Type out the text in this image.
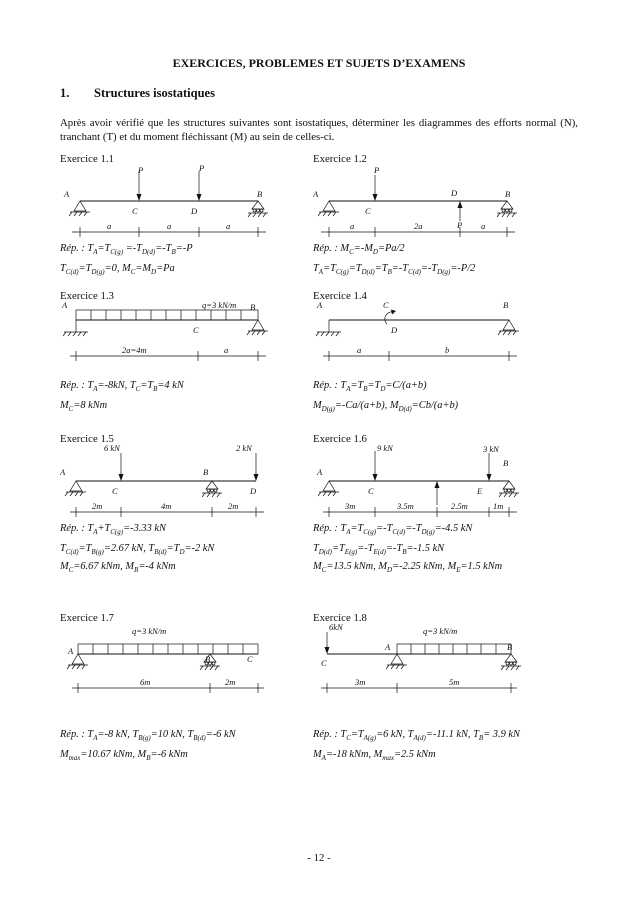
EXERCICES, PROBLEMES ET SUJETS D’EXAMENS
1. Structures isostatiques
Après avoir vérifié que les structures suivantes sont isostatiques, déterminer les diagrammes des efforts normal (N), tranchant (T) et du moment fléchissant (M) au sein de celles-ci.
Exercice 1.1
P	P
A	B
C	D
a	a	a
Rép. : $T_A=T_{C(g)} =-T_{D(d)}=-T_B=-P$
$T_{C(d)}=T_{D(g)}=0$, $M_C=M_D=Pa$
Exercice 1.2
P
P
A	B
C
D
a	2a	a
Rép. : $M_C=-M_D=Pa/2$
$T_A=T_{C(g)}=T_{D(d)}=T_B=-T_{C(d)}=-T_{D(g)}=-P/2$
Exercice 1.3
q=3 kN/m
A	B
C
2a=4m	a
Rép. : $T_A=-8kN$, $T_C=T_B=4$ kN
$M_C=8$ kNm
Exercice 1.4
C
D
A	B
a	b
Rép. : $T_A=T_B=T_D=C/(a+b)$
$M_{D(g)}=-Ca/(a+b)$, $M_{D(d)}=Cb/(a+b)$
Exercice 1.5
6 kN	2 kN
A	B
C	D
2m	4m	2m
Rép. : $T_A+T_{C(g)}=-3.33$ kN
$T_{C(d)}=T_{B(g)}=2.67$ kN, $T_{B(d)}=T_D=-2$ kN
$M_C=6.67$ kNm, $M_B=-4$ kNm
Exercice 1.6
9 kN	3 kN
A
B
C	E
3m	3.5m	2.5m	1m
Rép. : $T_A=T_{C(g)}=-T_{C(d)}=-T_{D(g)}=-4.5$ kN
$T_{D(d)}=T_{E(g)}=-T_{E(d)}=-T_B=-1.5$ kN
$M_C=13.5$ kNm, $M_D=-2.25$ kNm, $M_E=1.5$ kNm
Exercice 1.7
q=3 kN/m
A
B	C
6m	2m
Rép. : $T_A=-8$ kN, $T_{B(g)}=10$ kN, $T_{B(d)}=-6$ kN
$M_{max}=10.67$ kNm, $M_B=-6$ kNm
Exercice 1.8
6kN	q=3 kN/m
A	B
C
3m	5m
Rép. : $T_C=T_{A(g)}=6$ kN, $T_{A(d)}=-11.1$ kN, $T_B= 3.9$ kN
$M_A=-18$ kNm, $M_{max}=2.5$ kNm
- 12 -
